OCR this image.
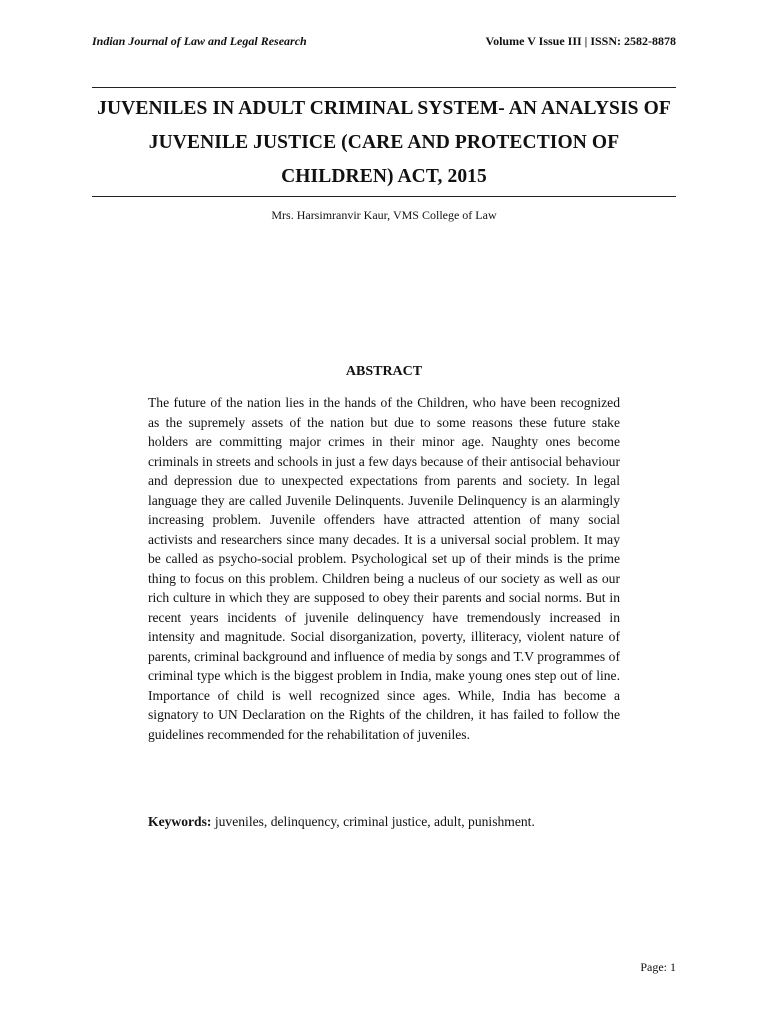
Indian Journal of Law and Legal Research	Volume V Issue III | ISSN: 2582-8878
JUVENILES IN ADULT CRIMINAL SYSTEM- AN ANALYSIS OF JUVENILE JUSTICE (CARE AND PROTECTION OF CHILDREN) ACT, 2015
Mrs. Harsimranvir Kaur, VMS College of Law
ABSTRACT
The future of the nation lies in the hands of the Children, who have been recognized as the supremely assets of the nation but due to some reasons these future stake holders are committing major crimes in their minor age. Naughty ones become criminals in streets and schools in just a few days because of their antisocial behaviour and depression due to unexpected expectations from parents and society. In legal language they are called Juvenile Delinquents. Juvenile Delinquency is an alarmingly increasing problem. Juvenile offenders have attracted attention of many social activists and researchers since many decades. It is a universal social problem. It may be called as psycho-social problem. Psychological set up of their minds is the prime thing to focus on this problem. Children being a nucleus of our society as well as our rich culture in which they are supposed to obey their parents and social norms. But in recent years incidents of juvenile delinquency have tremendously increased in intensity and magnitude. Social disorganization, poverty, illiteracy, violent nature of parents, criminal background and influence of media by songs and T.V programmes of criminal type which is the biggest problem in India, make young ones step out of line. Importance of child is well recognized since ages. While, India has become a signatory to UN Declaration on the Rights of the children, it has failed to follow the guidelines recommended for the rehabilitation of juveniles.
Keywords: juveniles, delinquency, criminal justice, adult, punishment.
Page: 1
